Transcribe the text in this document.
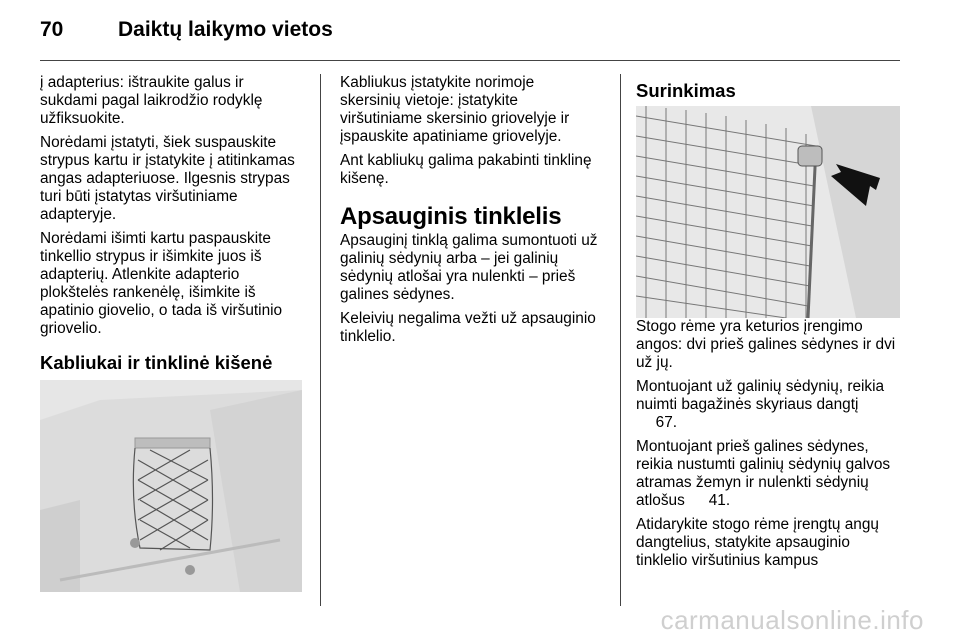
70	Daiktų laikymo vietos

į adapterius: ištraukite galus ir
sukdami pagal laikrodžio rodyklę
užfiksuokite.

Norėdami įstatyti, šiek suspauskite
strypus kartu ir įstatykite į atitinkamas
angas adapteriuose. Ilgesnis strypas
turi būti įstatytas viršutiniame
adapteryje.

Norėdami išimti kartu paspauskite
tinkellio strypus ir išimkite juos iš
adapterių. Atlenkite adapterio
plokštelės rankenėlę, išimkite iš
apatinio giovelio, o tada iš viršutinio
griovelio.

Kabliukai ir tinklinė kišenė

Kabliukus įstatykite norimoje
skersinių vietoje: įstatykite
viršutiniame skersinio griovelyje ir
įspauskite apatiniame griovelyje.

Ant kabliukų galima pakabinti tinklinę
kišenę.

Apsauginis tinklelis

Apsauginį tinklą galima sumontuoti už
galinių sėdynių arba – jei galinių
sėdynių atlošai yra nulenkti – prieš
galines sėdynes.

Keleivių negalima vežti už apsauginio
tinklelio.

Surinkimas

Stogo rėme yra keturios įrengimo
angos: dvi prieš galines sėdynes ir dvi
už jų.

Montuojant už galinių sėdynių, reikia
nuimti bagažinės skyriaus dangtį
  67.

Montuojant prieš galines sėdynes,
reikia nustumti galinių sėdynių galvos
atramas žemyn ir nulenkti sėdynių
atlošus   41.

Atidarykite stogo rėme įrengtų angų
dangtelius, statykite apsauginio
tinklelio viršutinius kampus

carmanualsonline.info
